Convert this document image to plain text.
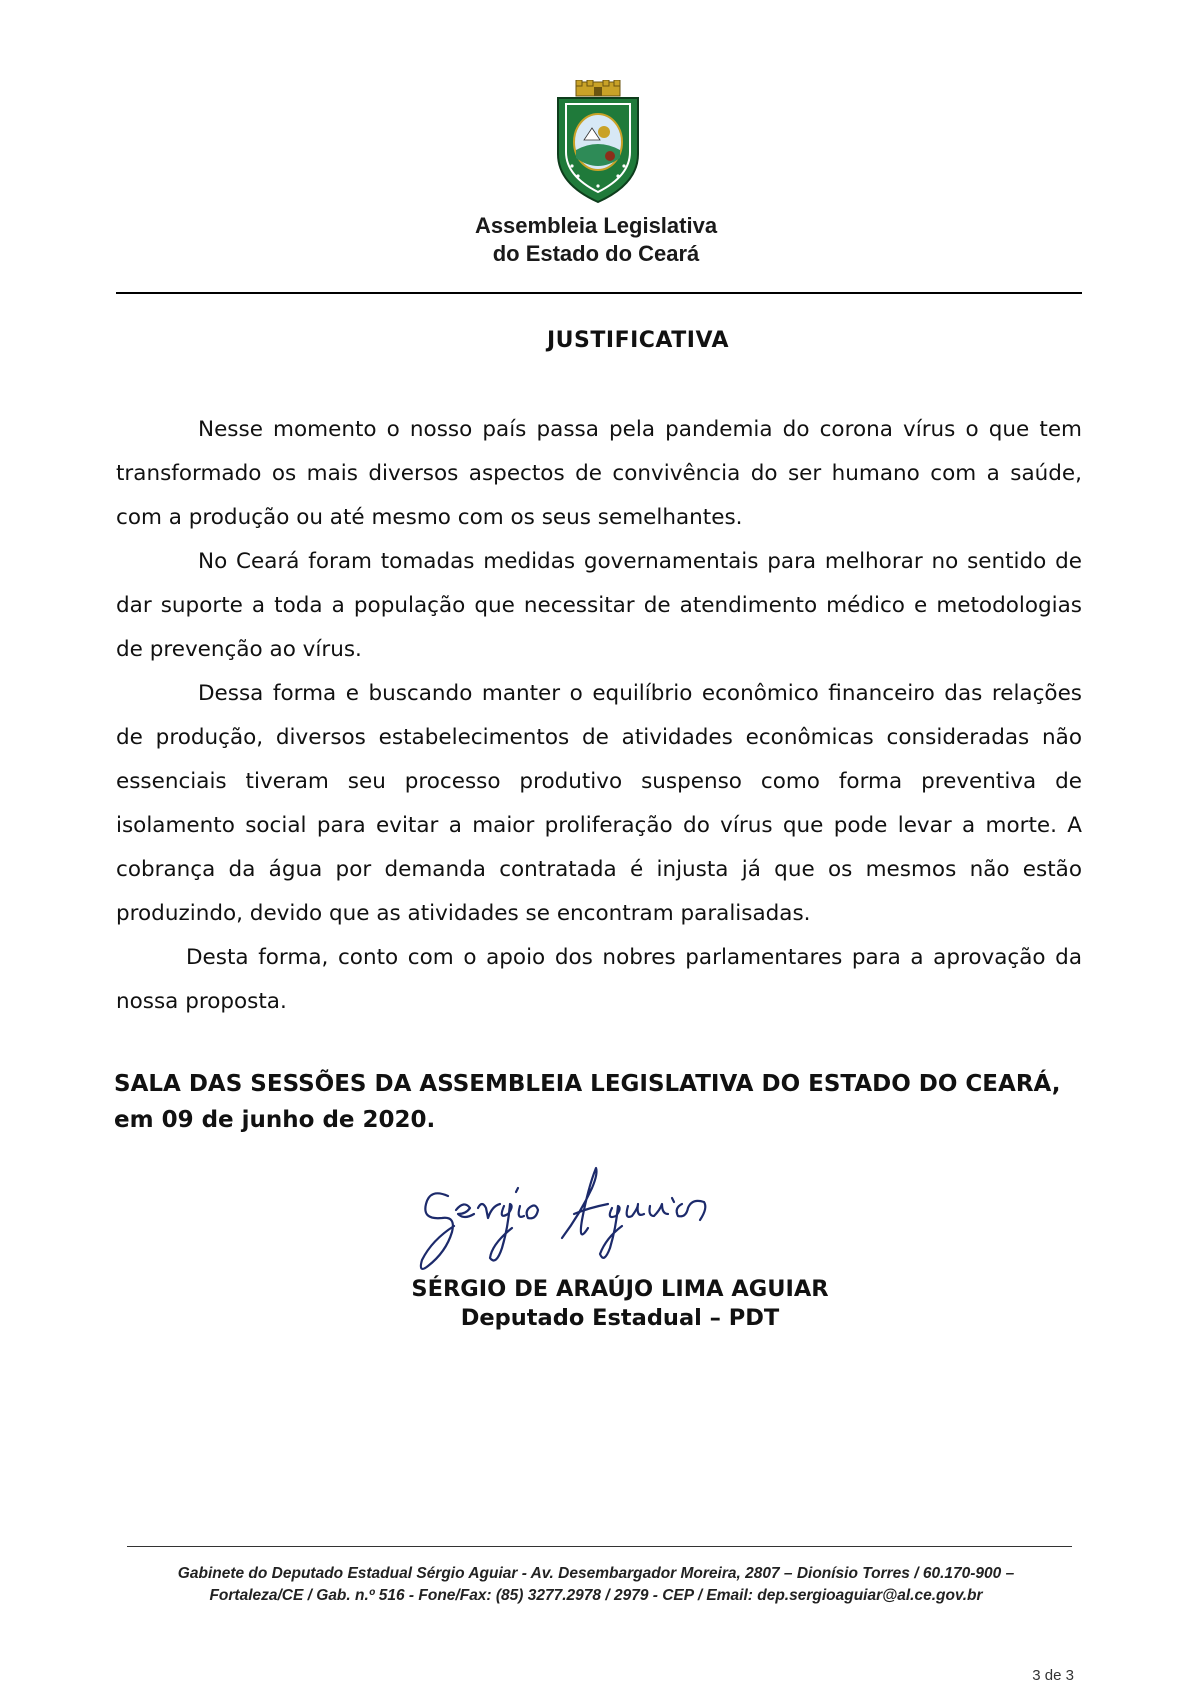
Assembleia Legislativa
do Estado do Ceará
JUSTIFICATIVA

Nesse momento o nosso país passa pela pandemia do corona vírus o que tem transformado os mais diversos aspectos de convivência do ser humano com a saúde, com a produção ou até mesmo com os seus semelhantes.

No Ceará foram tomadas medidas governamentais para melhorar no sentido de dar suporte a toda a população que necessitar de atendimento médico e metodologias de prevenção ao vírus.

Dessa forma e buscando manter o equilíbrio econômico financeiro das relações de produção, diversos estabelecimentos de atividades econômicas consideradas não essenciais tiveram seu processo produtivo suspenso como forma preventiva de isolamento social para evitar a maior proliferação do vírus que pode levar a morte. A cobrança da água por demanda contratada é injusta já que os mesmos não estão produzindo, devido que as atividades se encontram paralisadas.

Desta forma, conto com o apoio dos nobres parlamentares para a aprovação da nossa proposta.

SALA DAS SESSÕES DA ASSEMBLEIA LEGISLATIVA DO ESTADO DO CEARÁ, em 09 de junho de 2020.
SÉRGIO DE ARAÚJO LIMA AGUIAR
Deputado Estadual – PDT
Gabinete do Deputado Estadual Sérgio Aguiar - Av. Desembargador Moreira, 2807 – Dionísio Torres / 60.170-900 –
Fortaleza/CE / Gab. n.º 516 - Fone/Fax: (85) 3277.2978 / 2979 - CEP / Email: dep.sergioaguiar@al.ce.gov.br
3 de 3
